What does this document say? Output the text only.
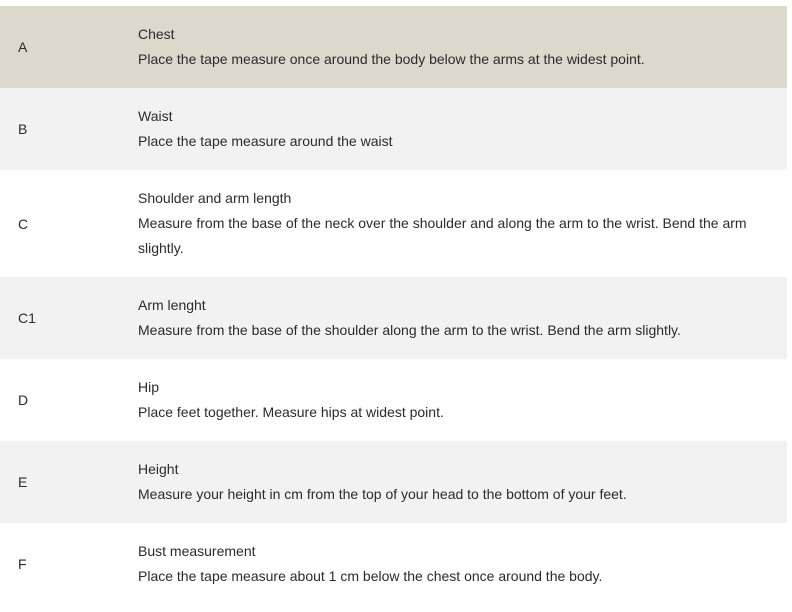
A
Chest
Place the tape measure once around the body below the arms at the widest point.
B
Waist
Place the tape measure around the waist
C
Shoulder and arm length
Measure from the base of the neck over the shoulder and along the arm to the wrist. Bend the arm slightly.
C1
Arm lenght
Measure from the base of the shoulder along the arm to the wrist. Bend the arm slightly.
D
Hip
Place feet together. Measure hips at widest point.
E
Height
Measure your height in cm from the top of your head to the bottom of your feet.
F
Bust measurement
Place the tape measure about 1 cm below the chest once around the body.
